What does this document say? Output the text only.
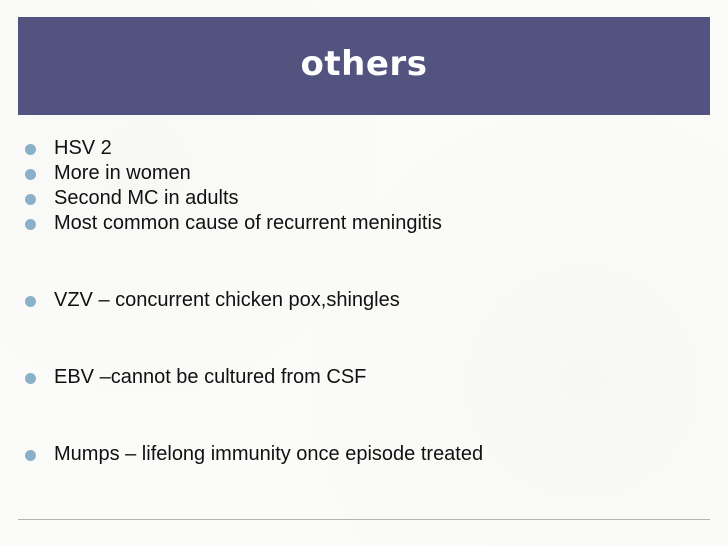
others
HSV 2
More in women
Second MC in adults
Most common cause of recurrent meningitis
VZV – concurrent chicken pox,shingles
EBV –cannot be cultured from CSF
Mumps – lifelong immunity once episode treated
